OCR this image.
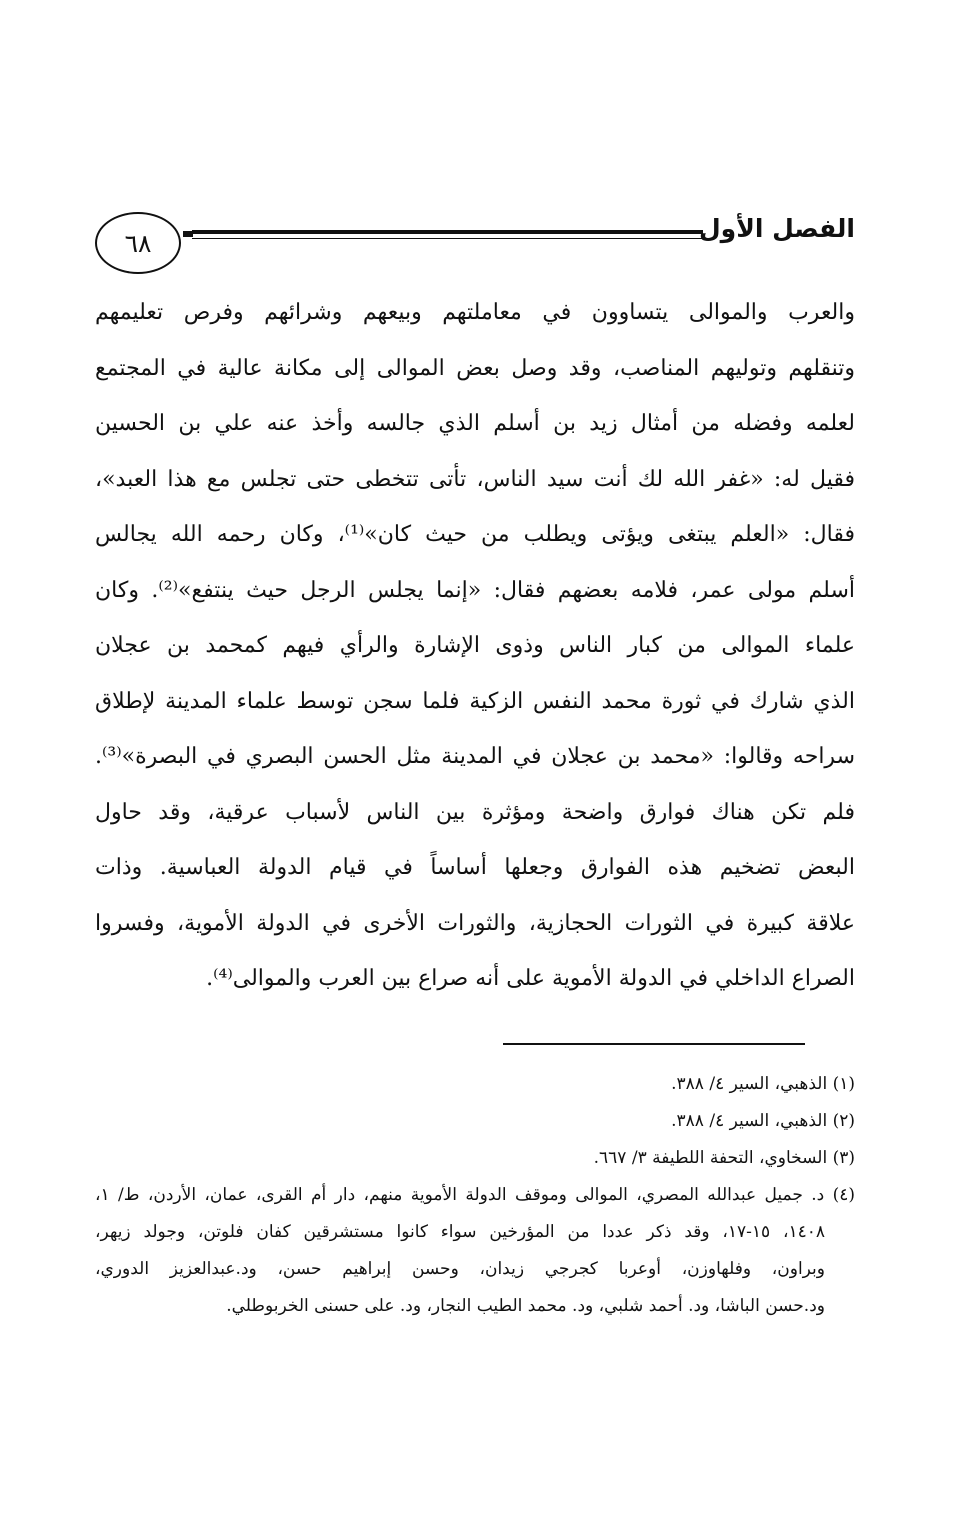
٦٨	الفصل الأول
والعرب والموالى يتساوون في معاملتهم وبيعهم وشرائهم وفرص تعليمهم
وتنقلهم وتوليهم المناصب، وقد وصل بعض الموالى إلى مكانة عالية في المجتمع
لعلمه وفضله من أمثال زيد بن أسلم الذي جالسه وأخذ عنه علي بن الحسين
فقيل له: «غفر الله لك أنت سيد الناس، تأتى تتخطى حتى تجلس مع هذا العبد»،
فقال: «العلم يبتغى ويؤتى ويطلب من حيث كان»⁽¹⁾، وكان رحمه الله يجالس
أسلم مولى عمر، فلامه بعضهم فقال: «إنما يجلس الرجل حيث ينتفع»⁽²⁾. وكان
علماء الموالى من كبار الناس وذوى الإشارة والرأي فيهم كمحمد بن عجلان
الذي شارك في ثورة محمد النفس الزكية فلما سجن توسط علماء المدينة لإطلاق
سراحه وقالوا: «محمد بن عجلان في المدينة مثل الحسن البصري في البصرة»⁽³⁾.
فلم تكن هناك فوارق واضحة ومؤثرة بين الناس لأسباب عرقية، وقد حاول
البعض تضخيم هذه الفوارق وجعلها أساساً في قيام الدولة العباسية. وذات
علاقة كبيرة في الثورات الحجازية، والثورات الأخرى في الدولة الأموية، وفسروا
الصراع الداخلي في الدولة الأموية على أنه صراع بين العرب والموالى⁽⁴⁾.
(١) الذهبي، السير ٤/ ٣٨٨.
(٢) الذهبي، السير ٤/ ٣٨٨.
(٣) السخاوي، التحفة اللطيفة ٣/ ٦٦٧.
(٤) د. جميل عبدالله المصري، الموالى وموقف الدولة الأموية منهم، دار أم القرى، عمان، الأردن، ط/ ١،
١٤٠٨، ١٥-١٧، وقد ذكر عددا من المؤرخين سواء كانوا مستشرقين كفان فلوتن، وجولد زيهر،
وبراون، وفلهاوزن، أوعربا كجرجي زيدان، وحسن إبراهيم حسن، ود.عبدالعزيز الدوري،
ود.حسن الباشا، ود. أحمد شلبي، ود. محمد الطيب النجار، ود. على حسنى الخربوطلي.
